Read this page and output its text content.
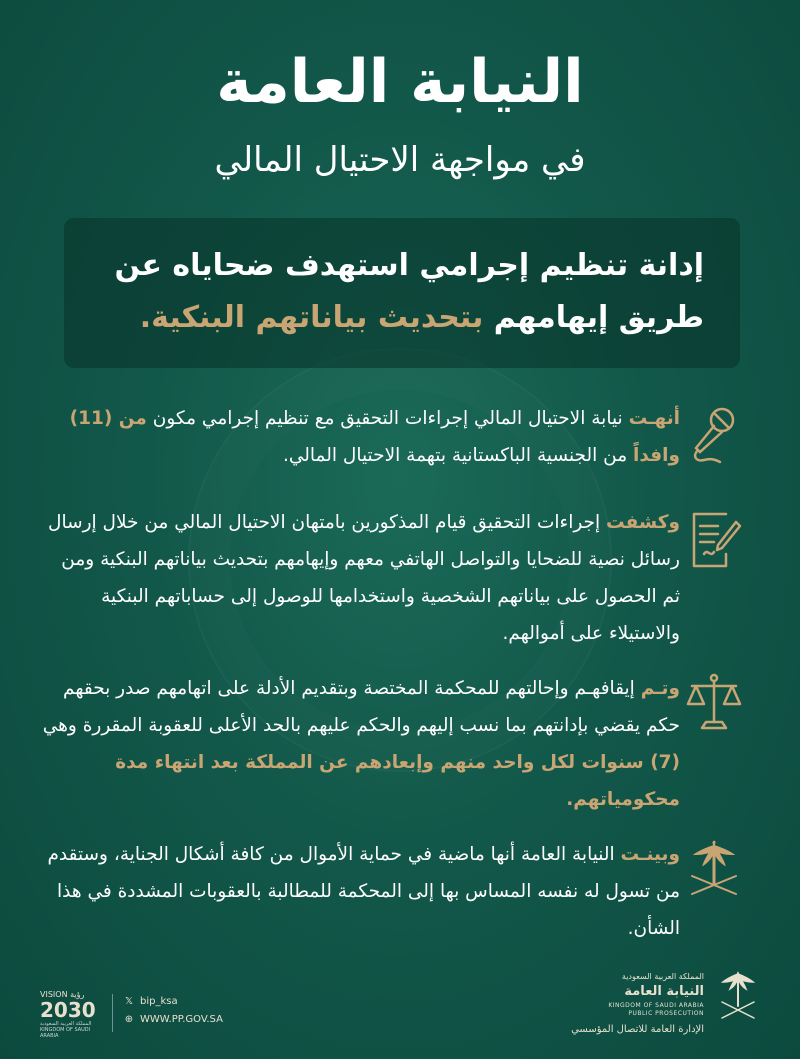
النيابة العامة
في مواجهة الاحتيال المالي
إدانة تنظيم إجرامي استهدف ضحاياه عن
طريق إيهامهم بتحديث بياناتهم البنكية.
أنهـت نيابة الاحتيال المالي إجراءات التحقيق مع تنظيم إجرامي مكون من (11) وافداً من الجنسية الباكستانية بتهمة الاحتيال المالي.
وكشفت إجراءات التحقيق قيام المذكورين بامتهان الاحتيال المالي من خلال إرسال رسائل نصية للضحايا والتواصل الهاتفي معهم وإيهامهم بتحديث بياناتهم البنكية ومن ثم الحصول على بياناتهم الشخصية واستخدامها للوصول إلى حساباتهم البنكية والاستيلاء على أموالهم.
وتـم إيقافهـم وإحالتهم للمحكمة المختصة وبتقديم الأدلة على اتهامهم صدر بحقهم حكم يقضي بإدانتهم بما نسب إليهم والحكم عليهم بالحد الأعلى للعقوبة المقررة وهي (7) سنوات لكل واحد منهم وإبعادهم عن المملكة بعد انتهاء مدة محكومياتهم.
وبينـت النيابة العامة أنها ماضية في حماية الأموال من كافة أشكال الجناية، وستقدم من تسول له نفسه المساس بها إلى المحكمة للمطالبة بالعقوبات المشددة في هذا الشأن.
المملكة العربية السعودية
النيابة العامة
KINGDOM OF SAUDI ARABIA
PUBLIC PROSECUTION
الإدارة العامة للاتصال المؤسسي
VISION رؤية
2030
المملكة العربية السعودية KINGDOM OF SAUDI ARABIA
𝕏 bip_ksa
⊕ WWW.PP.GOV.SA
